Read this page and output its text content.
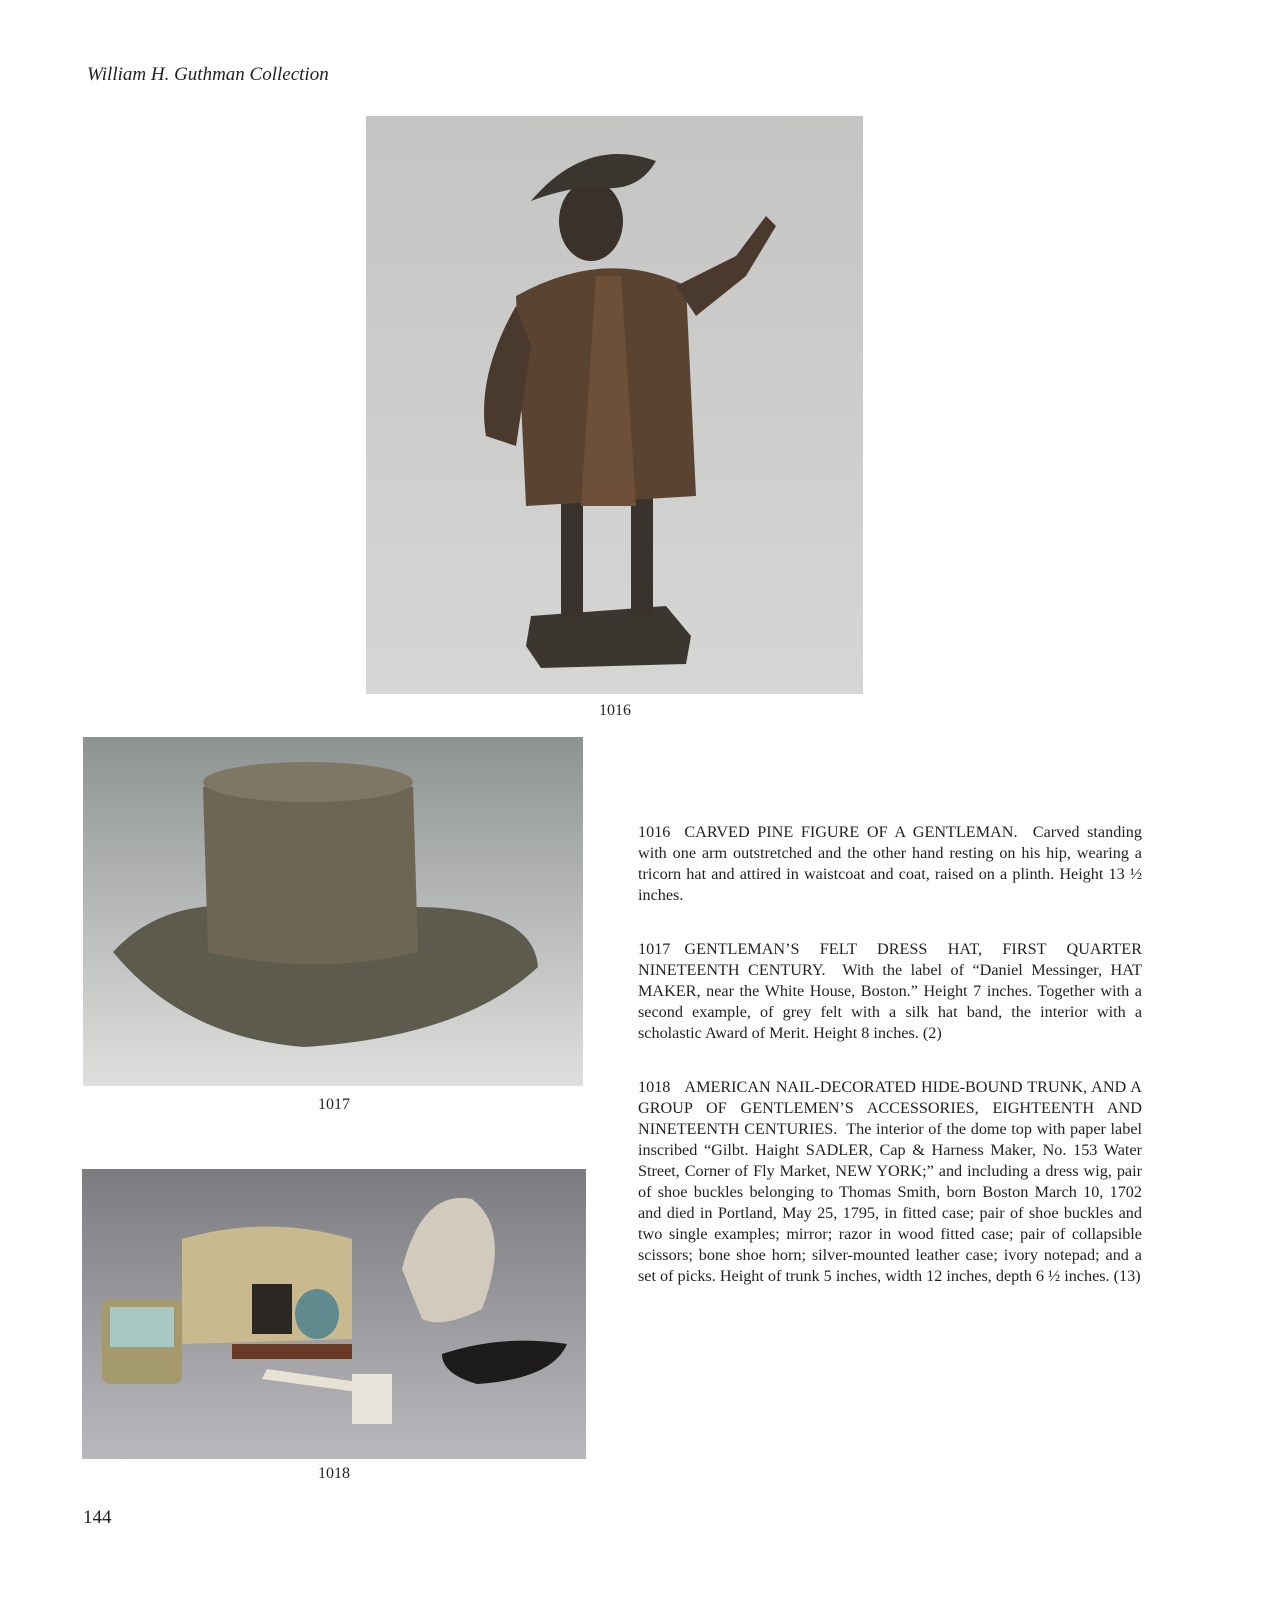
William H. Guthman Collection
1016
1017
1018

1016 CARVED PINE FIGURE OF A GENTLEMAN. Carved standing with one arm outstretched and the other hand resting on his hip, wearing a tricorn hat and attired in waistcoat and coat, raised on a plinth. Height 13 ½ inches.

1017 GENTLEMAN’S FELT DRESS HAT, FIRST QUARTER NINETEENTH CENTURY. With the label of “Daniel Messinger, HAT MAKER, near the White House, Boston.” Height 7 inches. Together with a second example, of grey felt with a silk hat band, the interior with a scholastic Award of Merit. Height 8 inches. (2)

1018 AMERICAN NAIL-DECORATED HIDE-BOUND TRUNK, AND A GROUP OF GENTLEMEN’S ACCESSORIES, EIGHTEENTH AND NINETEENTH CENTURIES. The interior of the dome top with paper label inscribed “Gilbt. Haight SADLER, Cap & Harness Maker, No. 153 Water Street, Corner of Fly Market, NEW YORK;” and including a dress wig, pair of shoe buckles belonging to Thomas Smith, born Boston March 10, 1702 and died in Portland, May 25, 1795, in fitted case; pair of shoe buckles and two single examples; mirror; razor in wood fitted case; pair of collapsible scissors; bone shoe horn; silver-mounted leather case; ivory notepad; and a set of picks. Height of trunk 5 inches, width 12 inches, depth 6 ½ inches. (13)

144
